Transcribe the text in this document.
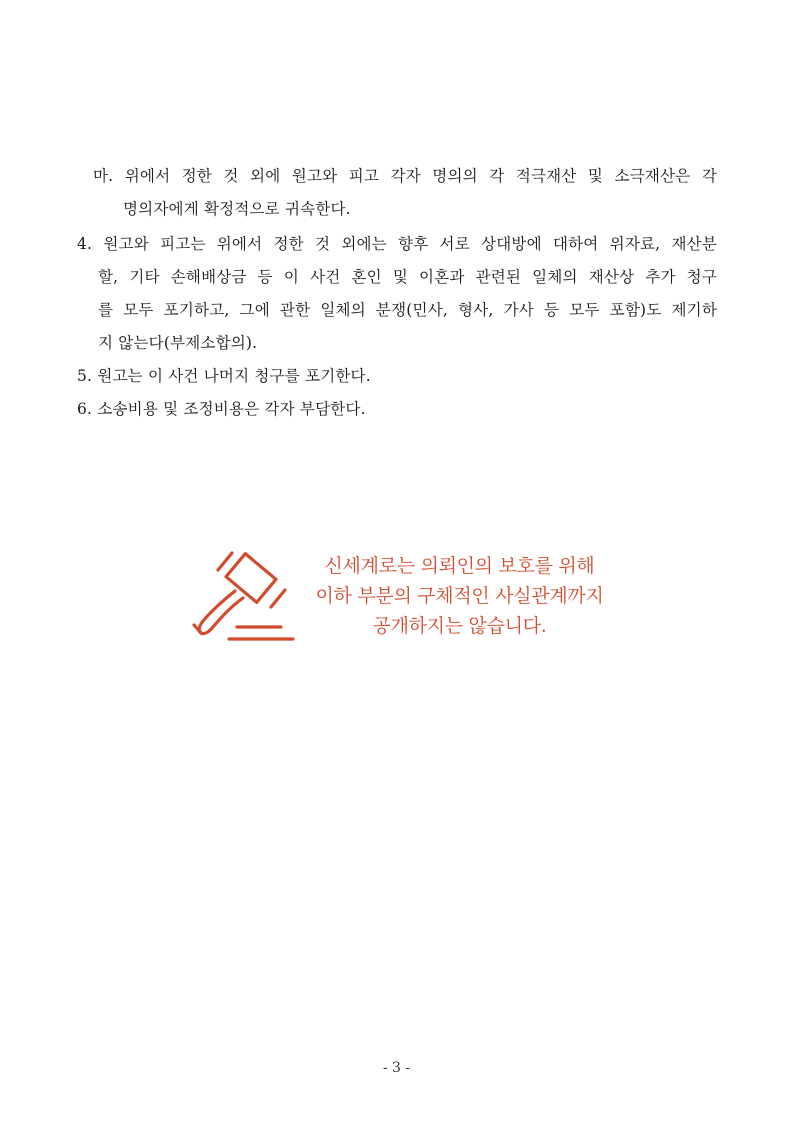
마. 위에서 정한 것 외에 원고와 피고 각자 명의의 각 적극재산 및 소극재산은 각
명의자에게 확정적으로 귀속한다.
4. 원고와 피고는 위에서 정한 것 외에는 향후 서로 상대방에 대하여 위자료, 재산분
할, 기타 손해배상금 등 이 사건 혼인 및 이혼과 관련된 일체의 재산상 추가 청구
를 모두 포기하고, 그에 관한 일체의 분쟁(민사, 형사, 가사 등 모두 포함)도 제기하
지 않는다(부제소합의).
5. 원고는 이 사건 나머지 청구를 포기한다.
6. 소송비용 및 조정비용은 각자 부담한다.
신세계로는 의뢰인의 보호를 위해
이하 부분의 구체적인 사실관계까지
공개하지는 않습니다.
- 3 -
